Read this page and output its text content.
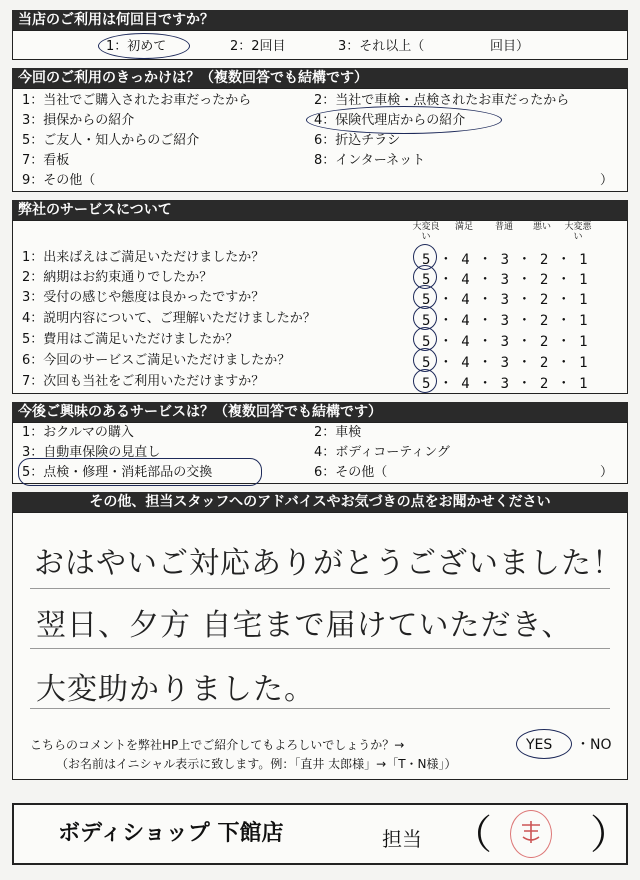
当店のご利用は何回目ですか？
1：初めて	2：2回目	3：それ以上（	回目）
今回のご利用のきっかけは？（複数回答でも結構です）
1：当社でご購入されたお車だったから	2：当社で車検・点検されたお車だったから
3：損保からの紹介	4：保険代理店からの紹介
5：ご友人・知人からのご紹介	6：折込チラシ
7：看板	8：インターネット
9：その他（	）
弊社のサービスについて
大変良い
満足	普通	悪い	大変悪い
1：出来ばえはご満足いただけましたか？	5 ・ 4 ・ 3 ・ 2 ・ 1
2：納期はお約束通りでしたか？	5 ・ 4 ・ 3 ・ 2 ・ 1
3：受付の感じや態度は良かったですか？	5 ・ 4 ・ 3 ・ 2 ・ 1
4：説明内容について、ご理解いただけましたか？	5 ・ 4 ・ 3 ・ 2 ・ 1
5：費用はご満足いただけましたか？	5 ・ 4 ・ 3 ・ 2 ・ 1
6：今回のサービスご満足いただけましたか？	5 ・ 4 ・ 3 ・ 2 ・ 1
7：次回も当社をご利用いただけますか？	5 ・ 4 ・ 3 ・ 2 ・ 1
今後ご興味のあるサービスは？（複数回答でも結構です）
1：おクルマの購入	2：車検
3：自動車保険の見直し	4：ボディコーティング
5：点検・修理・消耗部品の交換	6：その他（	）
その他、担当スタッフへのアドバイスやお気づきの点をお聞かせください
おはやいご対応ありがとうございました！
翌日、夕方 自宅まで届けていただき、
大変助かりました。
こちらのコメントを弊社HP上でご紹介してもよろしいでしょうか？→	YES ・NO
（お名前はイニシャル表示に致します。例：「直井 太郎様」→「T・N様」）
ボディショップ 下館店	担当 （ ）
